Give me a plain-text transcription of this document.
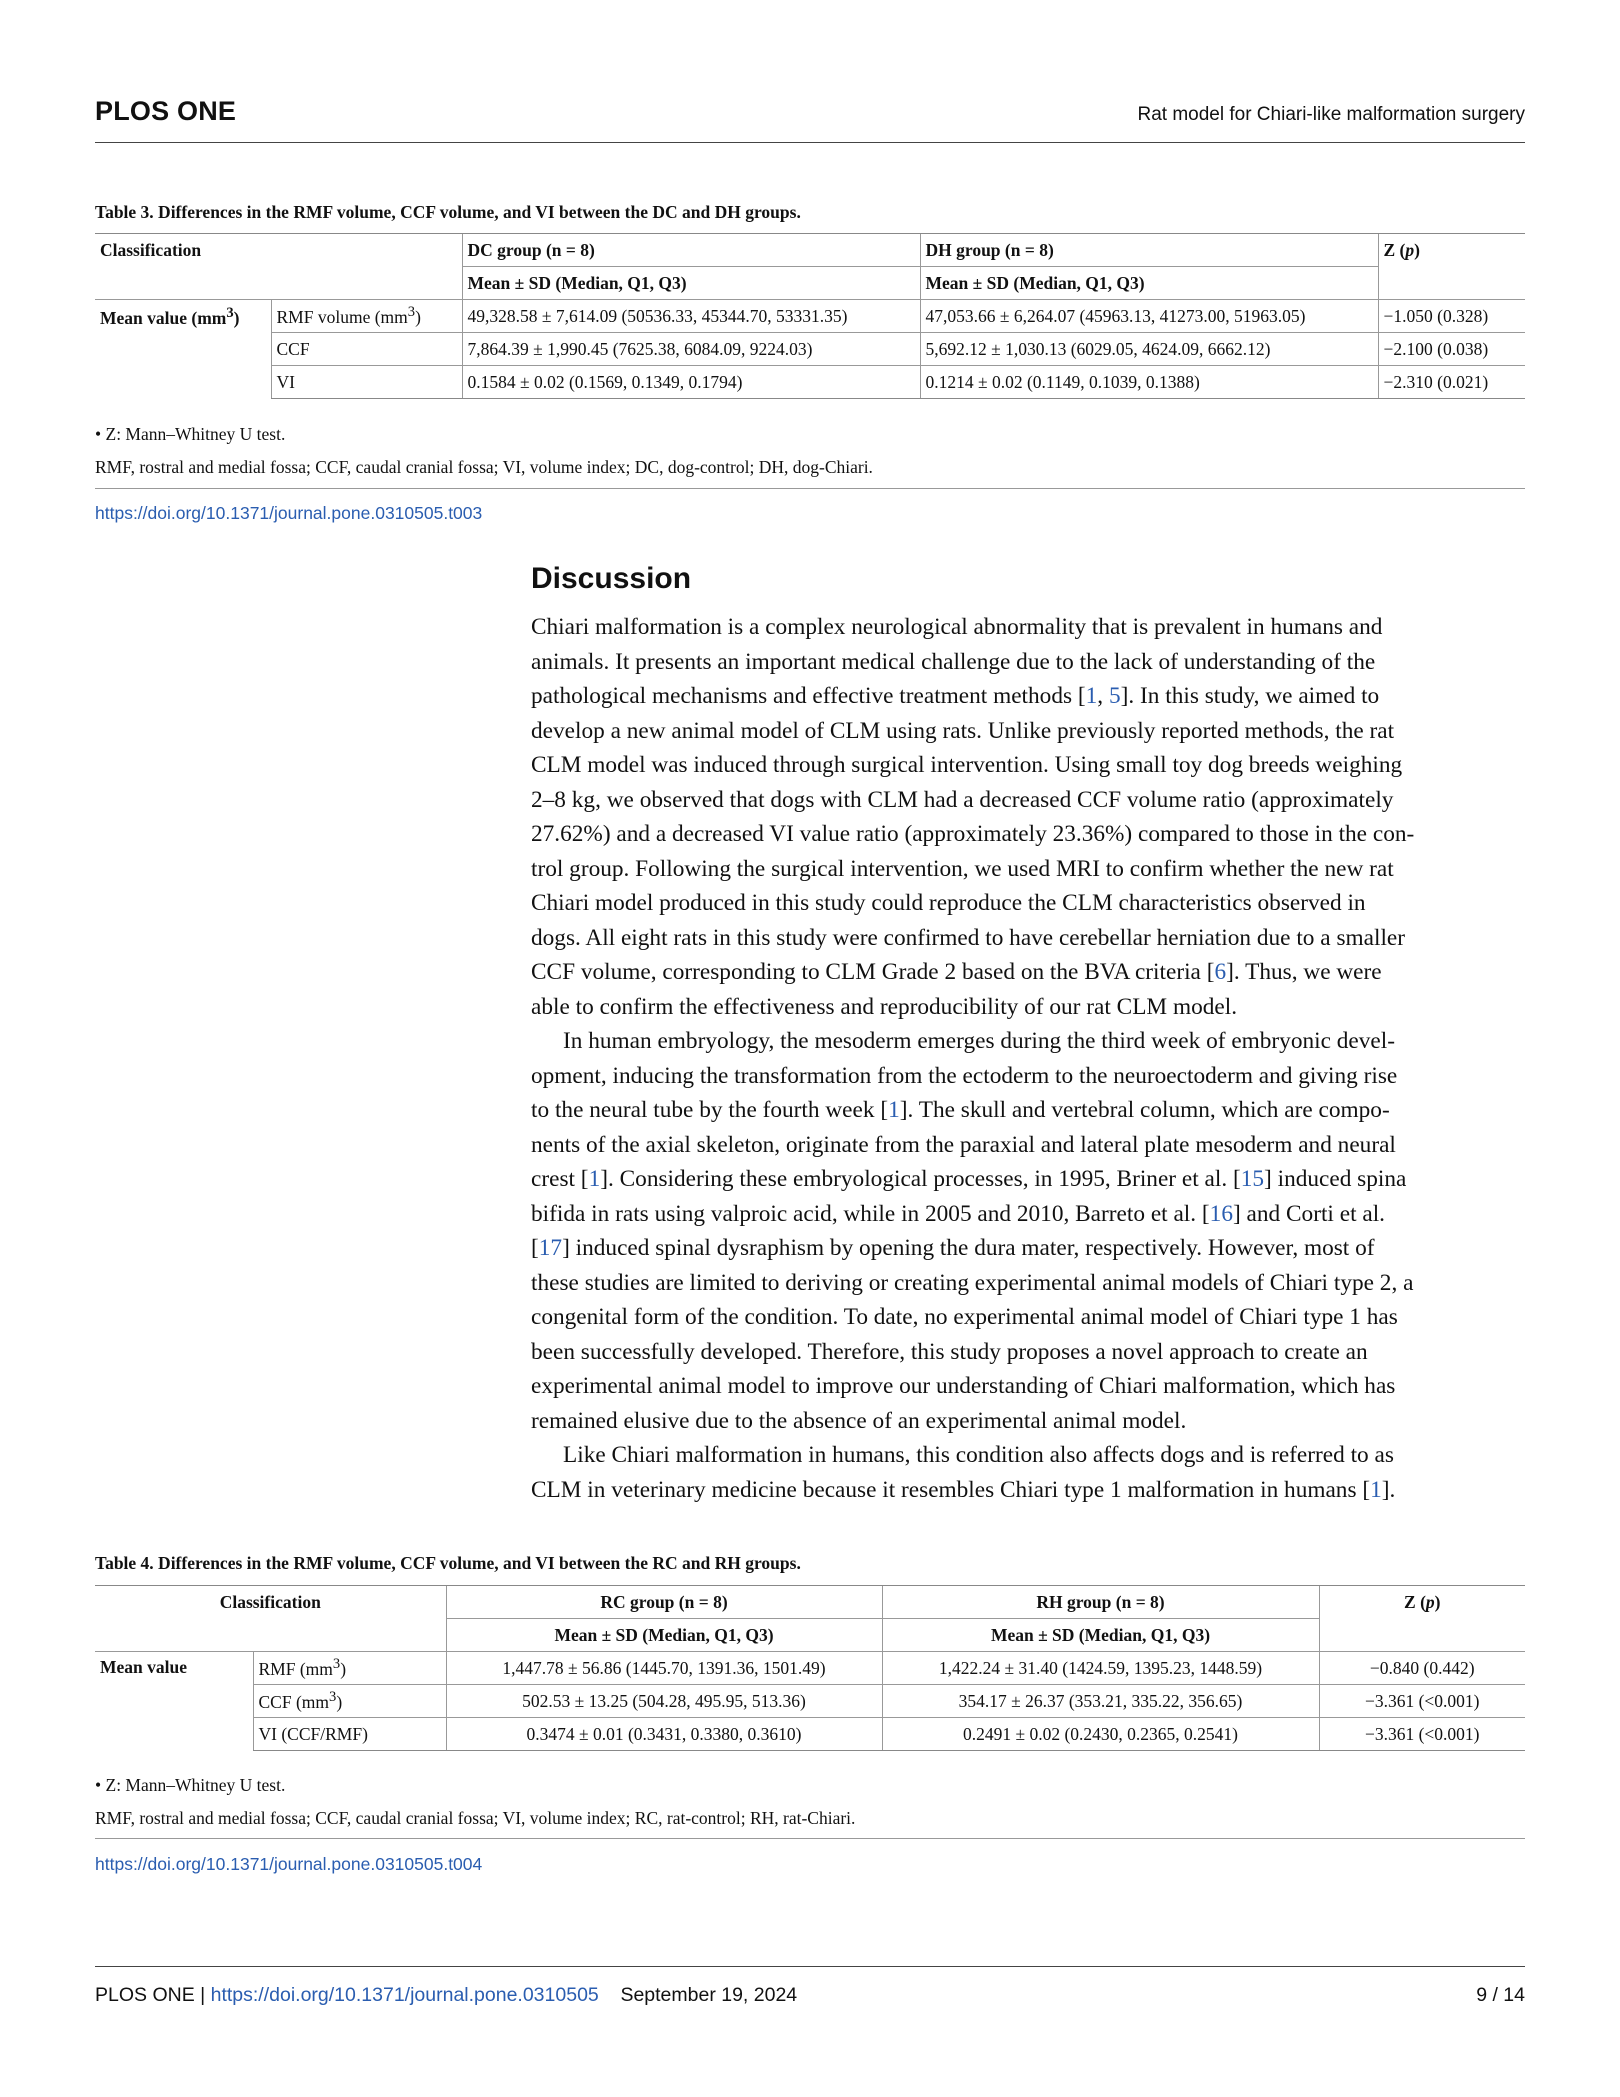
PLOS ONE	Rat model for Chiari-like malformation surgery
Table 3. Differences in the RMF volume, CCF volume, and VI between the DC and DH groups.
Classification		DC group (n = 8)	DH group (n = 8)	Z (p)
		Mean ± SD (Median, Q1, Q3)	Mean ± SD (Median, Q1, Q3)	
Mean value $(mm^3)$	RMF volume $(mm^3)$	49,328.58 ± 7,614.09 (50536.33, 45344.70, 53331.35)	47,053.66 ± 6,264.07 (45963.13, 41273.00, 51963.05)	−1.050 (0.328)
	CCF	7,864.39 ± 1,990.45 (7625.38, 6084.09, 9224.03)	5,692.12 ± 1,030.13 (6029.05, 4624.09, 6662.12)	−2.100 (0.038)
	VI	0.1584 ± 0.02 (0.1569, 0.1349, 0.1794)	0.1214 ± 0.02 (0.1149, 0.1039, 0.1388)	−2.310 (0.021)
• Z: Mann–Whitney U test.
RMF, rostral and medial fossa; CCF, caudal cranial fossa; VI, volume index; DC, dog-control; DH, dog-Chiari.
https://doi.org/10.1371/journal.pone.0310505.t003
Discussion
Chiari malformation is a complex neurological abnormality that is prevalent in humans and
animals. It presents an important medical challenge due to the lack of understanding of the
pathological mechanisms and effective treatment methods [1, 5]. In this study, we aimed to
develop a new animal model of CLM using rats. Unlike previously reported methods, the rat
CLM model was induced through surgical intervention. Using small toy dog breeds weighing
2–8 kg, we observed that dogs with CLM had a decreased CCF volume ratio (approximately
27.62%) and a decreased VI value ratio (approximately 23.36%) compared to those in the con-
trol group. Following the surgical intervention, we used MRI to confirm whether the new rat
Chiari model produced in this study could reproduce the CLM characteristics observed in
dogs. All eight rats in this study were confirmed to have cerebellar herniation due to a smaller
CCF volume, corresponding to CLM Grade 2 based on the BVA criteria [6]. Thus, we were
able to confirm the effectiveness and reproducibility of our rat CLM model.
In human embryology, the mesoderm emerges during the third week of embryonic devel-
opment, inducing the transformation from the ectoderm to the neuroectoderm and giving rise
to the neural tube by the fourth week [1]. The skull and vertebral column, which are compo-
nents of the axial skeleton, originate from the paraxial and lateral plate mesoderm and neural
crest [1]. Considering these embryological processes, in 1995, Briner et al. [15] induced spina
bifida in rats using valproic acid, while in 2005 and 2010, Barreto et al. [16] and Corti et al.
[17] induced spinal dysraphism by opening the dura mater, respectively. However, most of
these studies are limited to deriving or creating experimental animal models of Chiari type 2, a
congenital form of the condition. To date, no experimental animal model of Chiari type 1 has
been successfully developed. Therefore, this study proposes a novel approach to create an
experimental animal model to improve our understanding of Chiari malformation, which has
remained elusive due to the absence of an experimental animal model.
Like Chiari malformation in humans, this condition also affects dogs and is referred to as
CLM in veterinary medicine because it resembles Chiari type 1 malformation in humans [1].
Table 4. Differences in the RMF volume, CCF volume, and VI between the RC and RH groups.
Classification		RC group (n = 8)	RH group (n = 8)	Z (p)
		Mean ± SD (Median, Q1, Q3)	Mean ± SD (Median, Q1, Q3)	
Mean value	RMF $(mm^3)$	1,447.78 ± 56.86 (1445.70, 1391.36, 1501.49)	1,422.24 ± 31.40 (1424.59, 1395.23, 1448.59)	−0.840 (0.442)
	CCF $(mm^3)$	502.53 ± 13.25 (504.28, 495.95, 513.36)	354.17 ± 26.37 (353.21, 335.22, 356.65)	−3.361 (<0.001)
	VI (CCF/RMF)	0.3474 ± 0.01 (0.3431, 0.3380, 0.3610)	0.2491 ± 0.02 (0.2430, 0.2365, 0.2541)	−3.361 (<0.001)
• Z: Mann–Whitney U test.
RMF, rostral and medial fossa; CCF, caudal cranial fossa; VI, volume index; RC, rat-control; RH, rat-Chiari.
https://doi.org/10.1371/journal.pone.0310505.t004
PLOS ONE | https://doi.org/10.1371/journal.pone.0310505 September 19, 2024	9 / 14
